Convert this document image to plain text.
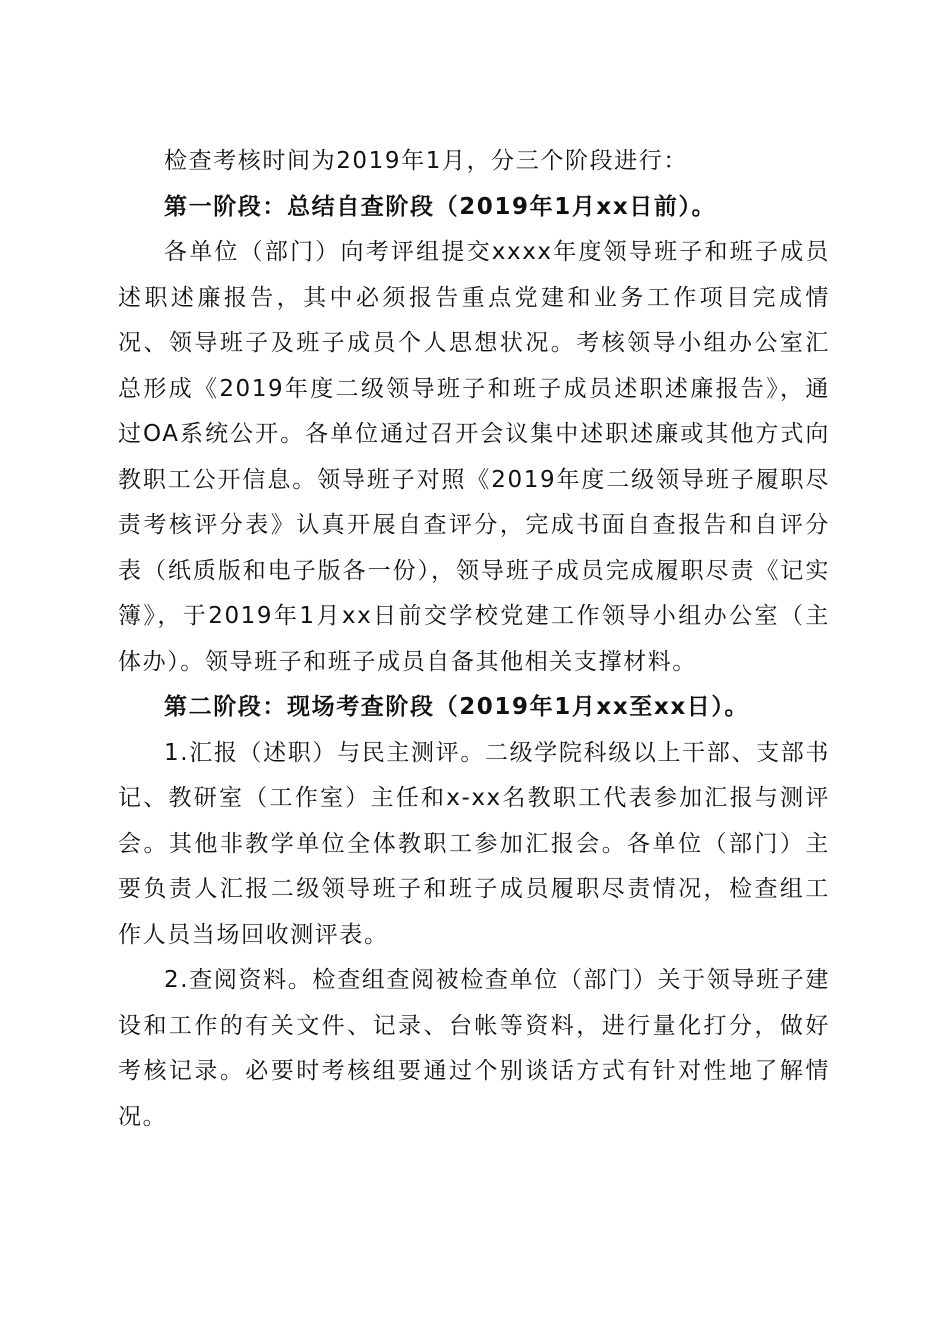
检查考核时间为2019年1月，分三个阶段进行：

第一阶段：总结自查阶段（2019年1月xx日前）。

各单位（部门）向考评组提交xxxx年度领导班子和班子成员述职述廉报告，其中必须报告重点党建和业务工作项目完成情况、领导班子及班子成员个人思想状况。考核领导小组办公室汇总形成《2019年度二级领导班子和班子成员述职述廉报告》，通过OA系统公开。各单位通过召开会议集中述职述廉或其他方式向教职工公开信息。领导班子对照《2019年度二级领导班子履职尽责考核评分表》认真开展自查评分，完成书面自查报告和自评分表（纸质版和电子版各一份），领导班子成员完成履职尽责《记实簿》，于2019年1月xx日前交学校党建工作领导小组办公室（主体办）。领导班子和班子成员自备其他相关支撑材料。

第二阶段：现场考查阶段（2019年1月xx至xx日）。

1.汇报（述职）与民主测评。二级学院科级以上干部、支部书记、教研室（工作室）主任和x-xx名教职工代表参加汇报与测评会。其他非教学单位全体教职工参加汇报会。各单位（部门）主要负责人汇报二级领导班子和班子成员履职尽责情况，检查组工作人员当场回收测评表。

2.查阅资料。检查组查阅被检查单位（部门）关于领导班子建设和工作的有关文件、记录、台帐等资料，进行量化打分，做好考核记录。必要时考核组要通过个别谈话方式有针对性地了解情况。
